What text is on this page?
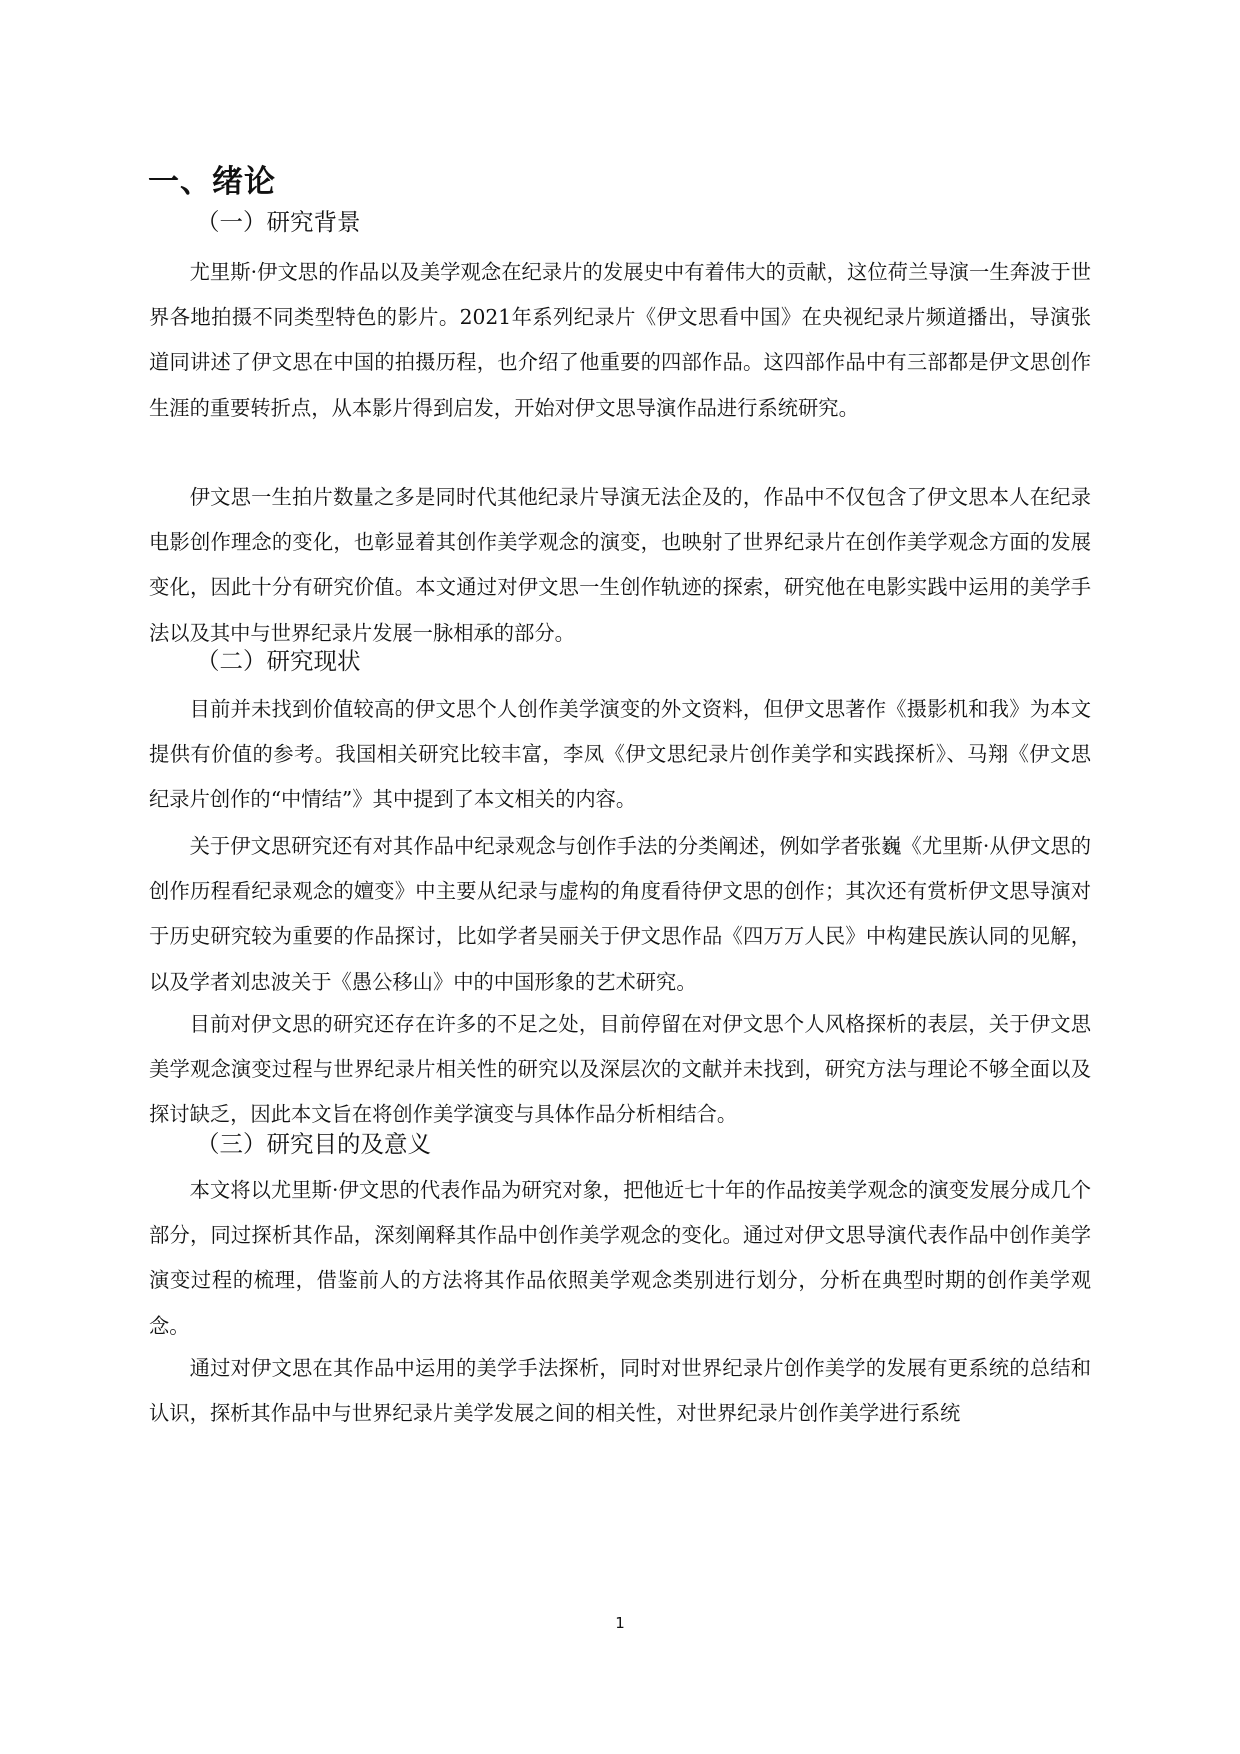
一、绪论
（一）研究背景

尤里斯·伊文思的作品以及美学观念在纪录片的发展史中有着伟大的贡献，这位荷兰导演一生奔波于世界各地拍摄不同类型特色的影片。2021年系列纪录片《伊文思看中国》在央视纪录片频道播出，导演张道同讲述了伊文思在中国的拍摄历程，也介绍了他重要的四部作品。这四部作品中有三部都是伊文思创作生涯的重要转折点，从本影片得到启发，开始对伊文思导演作品进行系统研究。

伊文思一生拍片数量之多是同时代其他纪录片导演无法企及的，作品中不仅包含了伊文思本人在纪录电影创作理念的变化，也彰显着其创作美学观念的演变，也映射了世界纪录片在创作美学观念方面的发展变化，因此十分有研究价值。本文通过对伊文思一生创作轨迹的探索，研究他在电影实践中运用的美学手法以及其中与世界纪录片发展一脉相承的部分。

（二）研究现状

目前并未找到价值较高的伊文思个人创作美学演变的外文资料，但伊文思著作《摄影机和我》为本文提供有价值的参考。我国相关研究比较丰富，李凤《伊文思纪录片创作美学和实践探析》、马翔《伊文思纪录片创作的“中情结”》其中提到了本文相关的内容。

关于伊文思研究还有对其作品中纪录观念与创作手法的分类阐述，例如学者张巍《尤里斯·从伊文思的创作历程看纪录观念的嬗变》中主要从纪录与虚构的角度看待伊文思的创作；其次还有赏析伊文思导演对于历史研究较为重要的作品探讨，比如学者吴丽关于伊文思作品《四万万人民》中构建民族认同的见解，以及学者刘忠波关于《愚公移山》中的中国形象的艺术研究。

目前对伊文思的研究还存在许多的不足之处，目前停留在对伊文思个人风格探析的表层，关于伊文思美学观念演变过程与世界纪录片相关性的研究以及深层次的文献并未找到，研究方法与理论不够全面以及探讨缺乏，因此本文旨在将创作美学演变与具体作品分析相结合。

（三）研究目的及意义

本文将以尤里斯·伊文思的代表作品为研究对象，把他近七十年的作品按美学观念的演变发展分成几个部分，同过探析其作品，深刻阐释其作品中创作美学观念的变化。通过对伊文思导演代表作品中创作美学演变过程的梳理，借鉴前人的方法将其作品依照美学观念类别进行划分，分析在典型时期的创作美学观念。

通过对伊文思在其作品中运用的美学手法探析，同时对世界纪录片创作美学的发展有更系统的总结和认识，探析其作品中与世界纪录片美学发展之间的相关性，对世界纪录片创作美学进行系统

1
